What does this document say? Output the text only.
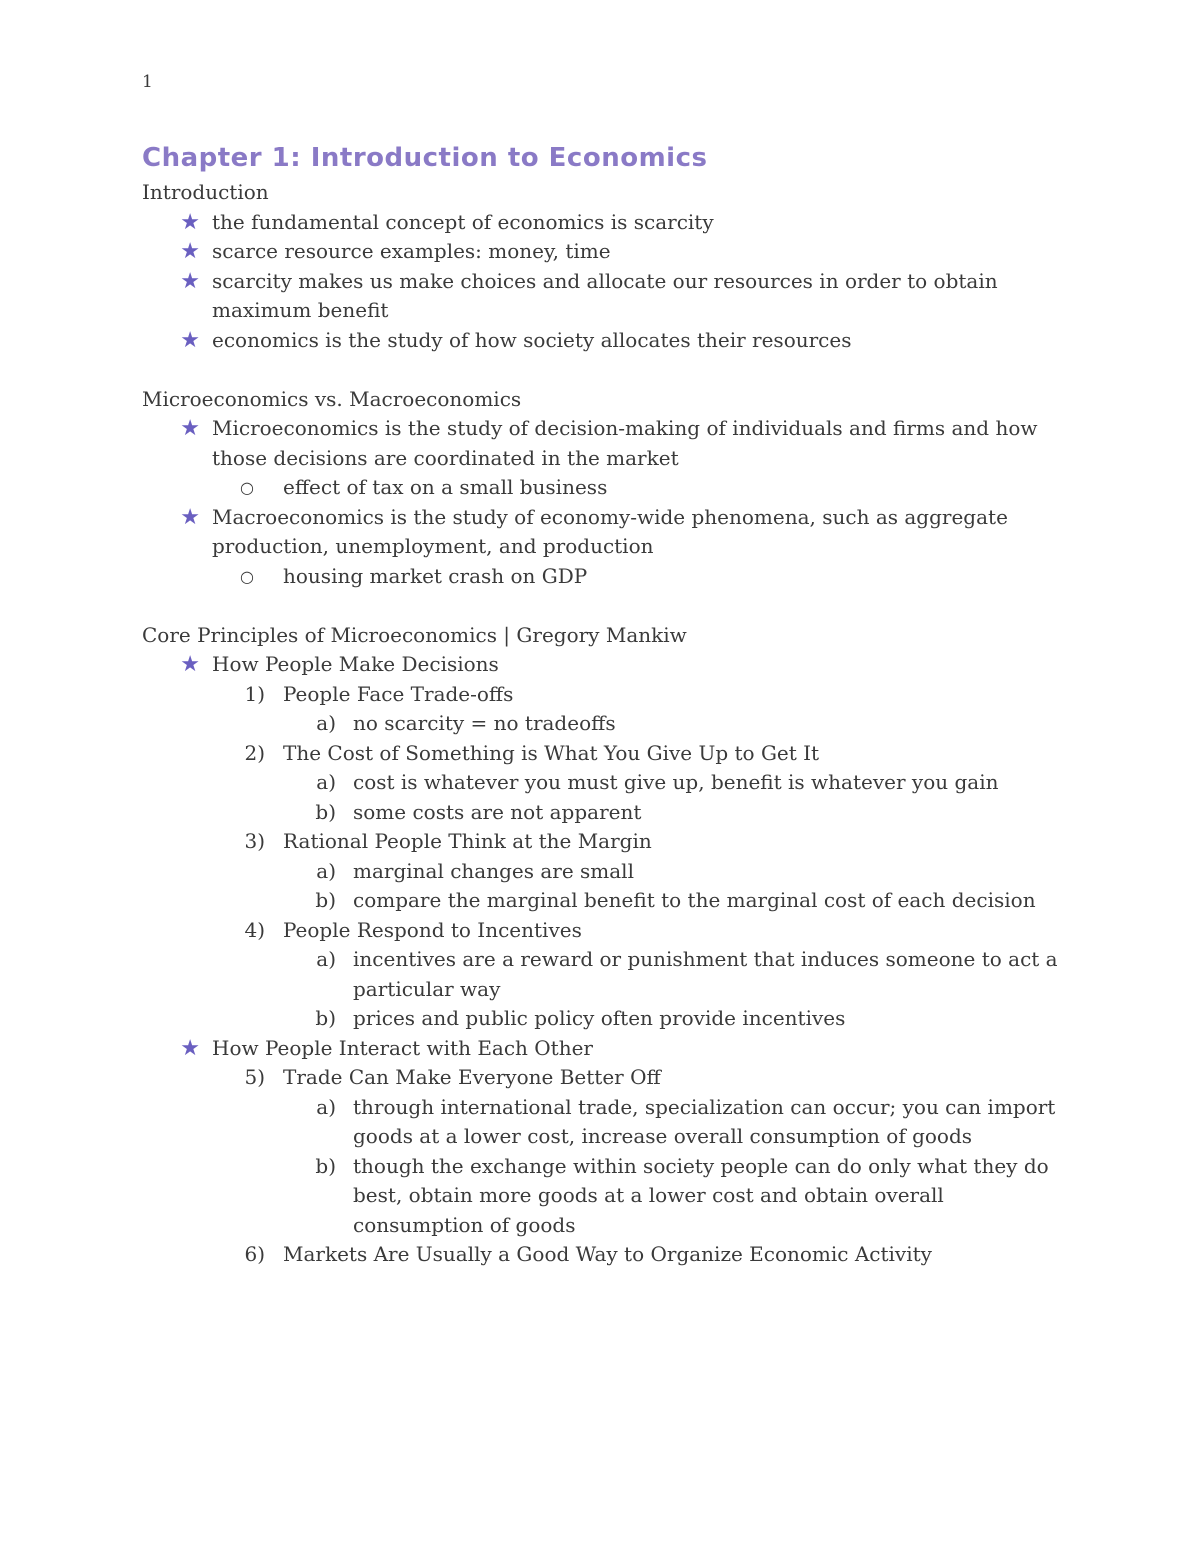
1
Chapter 1: Introduction to Economics
Introduction
★ the fundamental concept of economics is scarcity
★ scarce resource examples: money, time
★ scarcity makes us make choices and allocate our resources in order to obtain maximum benefit
★ economics is the study of how society allocates their resources
Microeconomics vs. Macroeconomics
★ Microeconomics is the study of decision-making of individuals and firms and how those decisions are coordinated in the market
○ effect of tax on a small business
★ Macroeconomics is the study of economy-wide phenomena, such as aggregate production, unemployment, and production
○ housing market crash on GDP
Core Principles of Microeconomics | Gregory Mankiw
★ How People Make Decisions
1) People Face Trade-offs
a) no scarcity = no tradeoffs
2) The Cost of Something is What You Give Up to Get It
a) cost is whatever you must give up, benefit is whatever you gain
b) some costs are not apparent
3) Rational People Think at the Margin
a) marginal changes are small
b) compare the marginal benefit to the marginal cost of each decision
4) People Respond to Incentives
a) incentives are a reward or punishment that induces someone to act a particular way
b) prices and public policy often provide incentives
★ How People Interact with Each Other
5) Trade Can Make Everyone Better Off
a) through international trade, specialization can occur; you can import goods at a lower cost, increase overall consumption of goods
b) though the exchange within society people can do only what they do best, obtain more goods at a lower cost and obtain overall consumption of goods
6) Markets Are Usually a Good Way to Organize Economic Activity
